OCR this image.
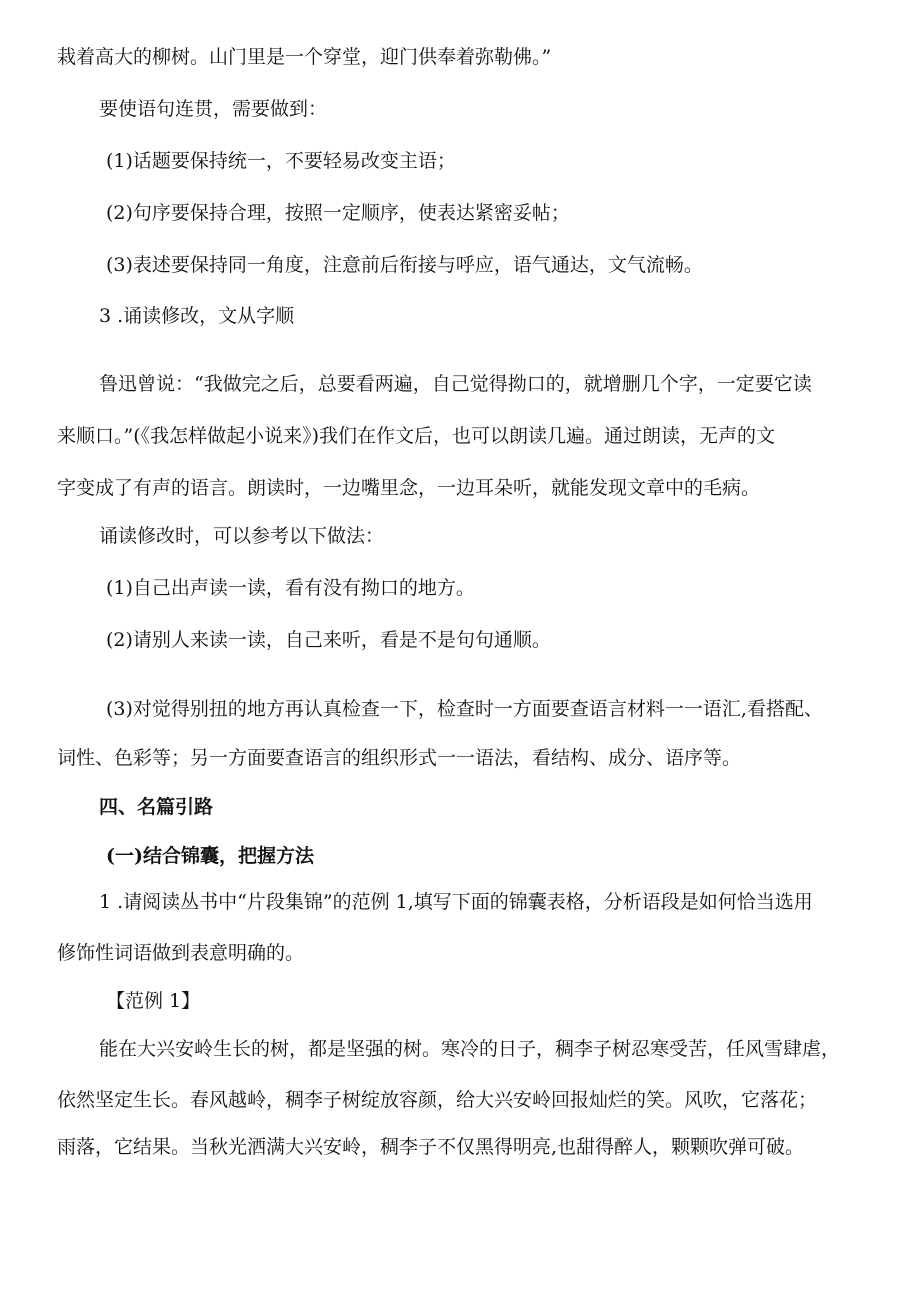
栽着高大的柳树。山门里是一个穿堂，迎门供奉着弥勒佛。”

要使语句连贯，需要做到：

(1)话题要保持统一，不要轻易改变主语；

(2)句序要保持合理，按照一定顺序，使表达紧密妥帖；

(3)表述要保持同一角度，注意前后衔接与呼应，语气通达，文气流畅。

3 .诵读修改，文从字顺

鲁迅曾说：“我做完之后，总要看两遍，自己觉得拗口的，就增删几个字，一定要它读

来顺口。”(《我怎样做起小说来》)我们在作文后，也可以朗读几遍。通过朗读，无声的文

字变成了有声的语言。朗读时，一边嘴里念，一边耳朵听，就能发现文章中的毛病。

诵读修改时，可以参考以下做法：

(1)自己出声读一读，看有没有拗口的地方。

(2)请别人来读一读，自己来听，看是不是句句通顺。

(3)对觉得别扭的地方再认真检查一下，检查时一方面要查语言材料一一语汇,看搭配、

词性、色彩等；另一方面要查语言的组织形式一一语法，看结构、成分、语序等。

四、名篇引路

(一)结合锦囊，把握方法

1 .请阅读丛书中“片段集锦”的范例 1,填写下面的锦囊表格，分析语段是如何恰当选用

修饰性词语做到表意明确的。

【范例 1】

能在大兴安岭生长的树，都是坚强的树。寒冷的日子，稠李子树忍寒受苦，任风雪肆虐，

依然坚定生长。春风越岭，稠李子树绽放容颜，给大兴安岭回报灿烂的笑。风吹，它落花；

雨落，它结果。当秋光洒满大兴安岭，稠李子不仅黑得明亮,也甜得醉人，颗颗吹弹可破。
